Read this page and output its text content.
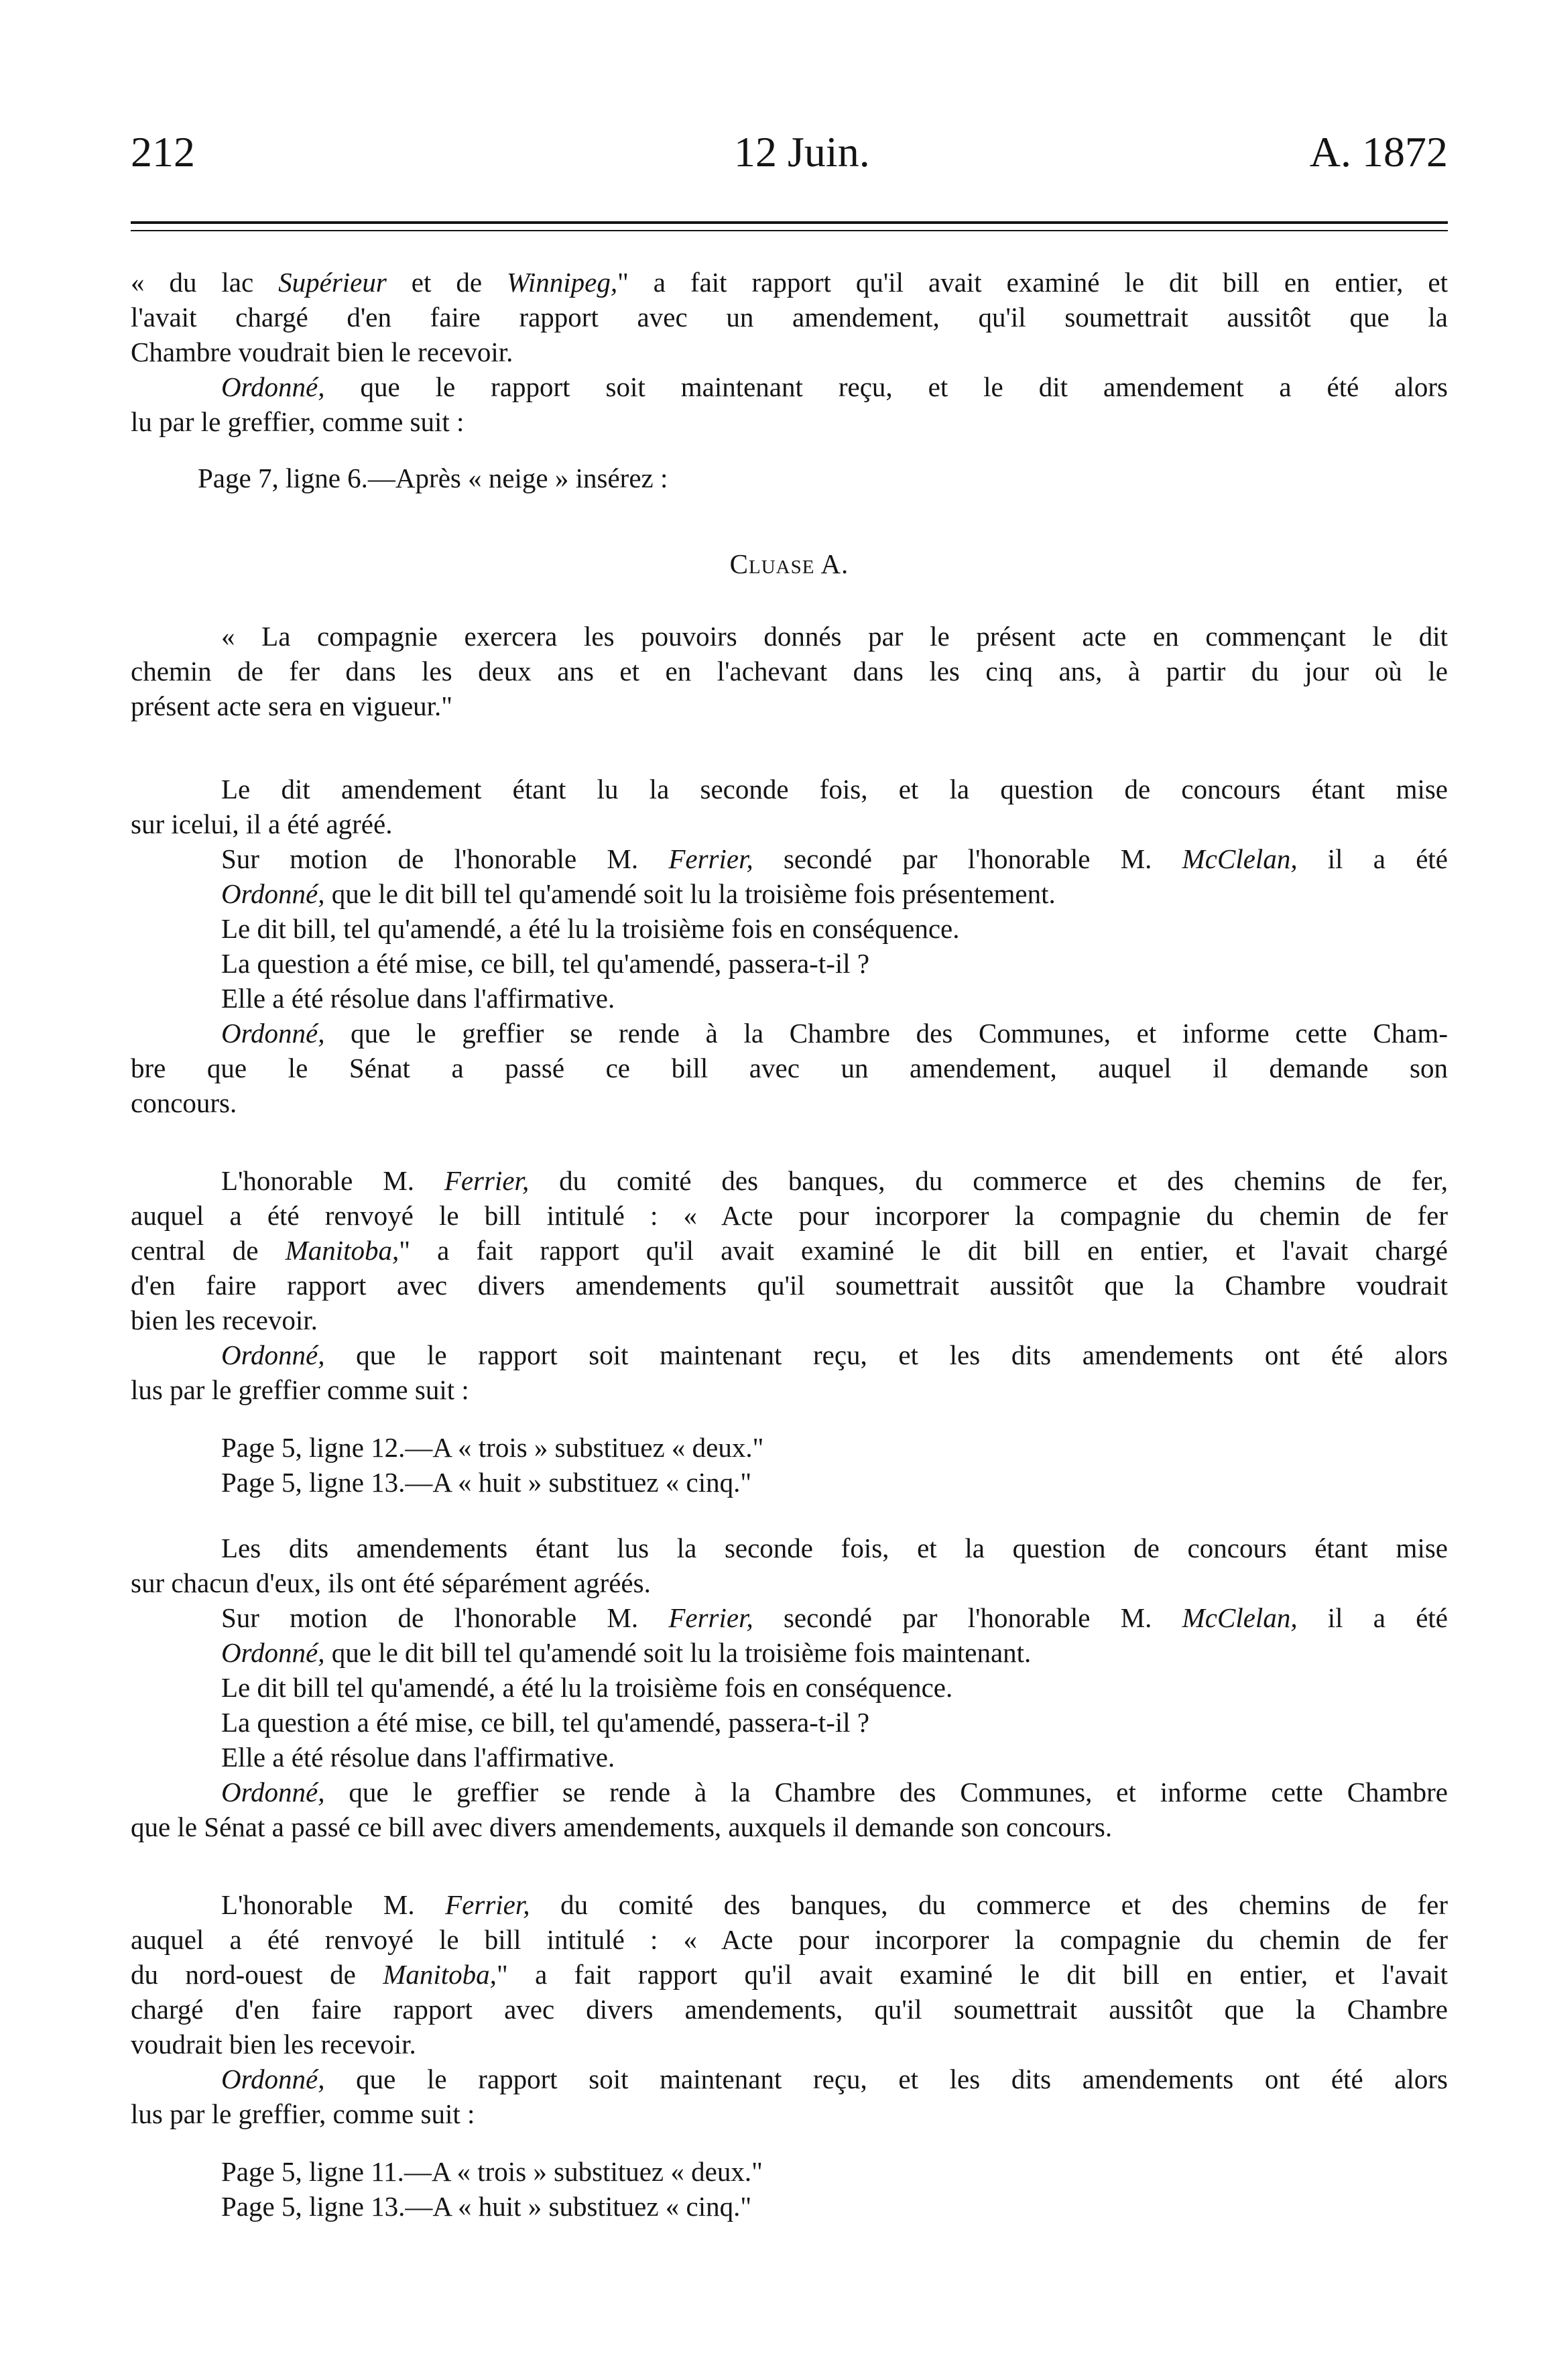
212	12 Juin.	A. 1872
« du lac Supérieur et de Winnipeg," a fait rapport qu'il avait examiné le dit bill en entier, et
l'avait chargé d'en faire rapport avec un amendement, qu'il soumettrait aussitôt que la
Chambre voudrait bien le recevoir.
Ordonné, que le rapport soit maintenant reçu, et le dit amendement a été alors
lu par le greffier, comme suit :
Page 7, ligne 6.—Après « neige » insérez :
Cluase A.
« La compagnie exercera les pouvoirs donnés par le présent acte en commençant le dit
chemin de fer dans les deux ans et en l'achevant dans les cinq ans, à partir du jour où le
présent acte sera en vigueur."
Le dit amendement étant lu la seconde fois, et la question de concours étant mise
sur icelui, il a été agréé.
Sur motion de l'honorable M. Ferrier, secondé par l'honorable M. McClelan, il a été
Ordonné, que le dit bill tel qu'amendé soit lu la troisième fois présentement.
Le dit bill, tel qu'amendé, a été lu la troisième fois en conséquence.
La question a été mise, ce bill, tel qu'amendé, passera-t-il ?
Elle a été résolue dans l'affirmative.
Ordonné, que le greffier se rende à la Chambre des Communes, et informe cette Cham-
bre que le Sénat a passé ce bill avec un amendement, auquel il demande son
concours.
L'honorable M. Ferrier, du comité des banques, du commerce et des chemins de fer,
auquel a été renvoyé le bill intitulé : « Acte pour incorporer la compagnie du chemin de fer
central de Manitoba," a fait rapport qu'il avait examiné le dit bill en entier, et l'avait chargé
d'en faire rapport avec divers amendements qu'il soumettrait aussitôt que la Chambre voudrait
bien les recevoir.
Ordonné, que le rapport soit maintenant reçu, et les dits amendements ont été alors
lus par le greffier comme suit :
Page 5, ligne 12.—A « trois » substituez « deux."
Page 5, ligne 13.—A « huit » substituez « cinq."
Les dits amendements étant lus la seconde fois, et la question de concours étant mise
sur chacun d'eux, ils ont été séparément agréés.
Sur motion de l'honorable M. Ferrier, secondé par l'honorable M. McClelan, il a été
Ordonné, que le dit bill tel qu'amendé soit lu la troisième fois maintenant.
Le dit bill tel qu'amendé, a été lu la troisième fois en conséquence.
La question a été mise, ce bill, tel qu'amendé, passera-t-il ?
Elle a été résolue dans l'affirmative.
Ordonné, que le greffier se rende à la Chambre des Communes, et informe cette Chambre
que le Sénat a passé ce bill avec divers amendements, auxquels il demande son concours.
L'honorable M. Ferrier, du comité des banques, du commerce et des chemins de fer
auquel a été renvoyé le bill intitulé : « Acte pour incorporer la compagnie du chemin de fer
du nord-ouest de Manitoba," a fait rapport qu'il avait examiné le dit bill en entier, et l'avait
chargé d'en faire rapport avec divers amendements, qu'il soumettrait aussitôt que la Chambre
voudrait bien les recevoir.
Ordonné, que le rapport soit maintenant reçu, et les dits amendements ont été alors
lus par le greffier, comme suit :
Page 5, ligne 11.—A « trois » substituez « deux."
Page 5, ligne 13.—A « huit » substituez « cinq."
